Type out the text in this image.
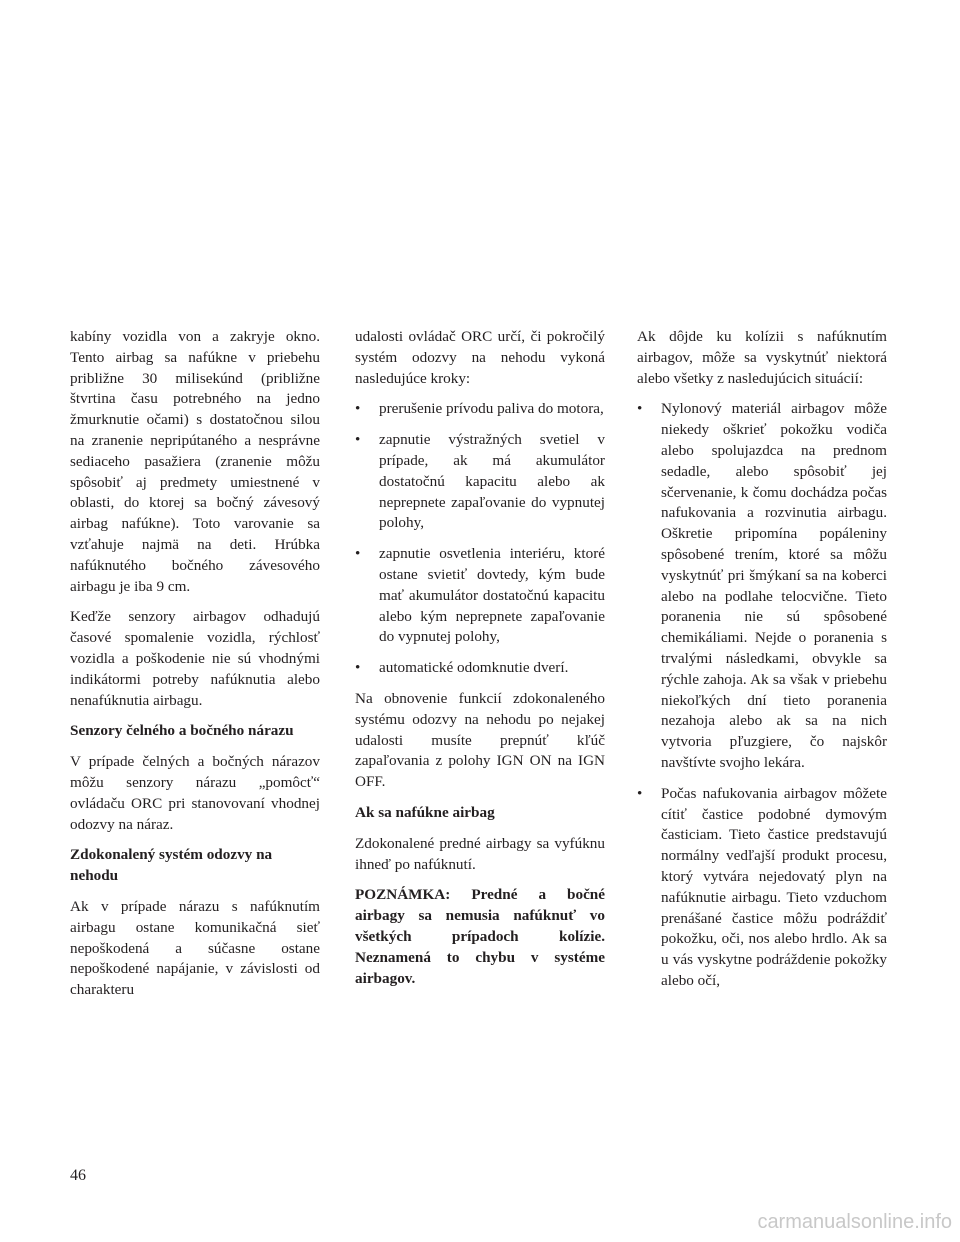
kabíny vozidla von a zakryje okno. Tento airbag sa nafúkne v priebehu približne 30 milisekúnd (približne štvrtina času potrebného na jedno žmurknutie očami) s dostatočnou silou na zranenie nepripútaného a nesprávne sediaceho pasažiera (zranenie môžu spôsobiť aj predmety umiestnené v oblasti, do ktorej sa bočný závesový airbag nafúkne). Toto varovanie sa vzťahuje najmä na deti. Hrúbka nafúknutého bočného závesového airbagu je iba 9 cm.

Keďže senzory airbagov odhadujú časové spomalenie vozidla, rýchlosť vozidla a poškodenie nie sú vhodnými indikátormi potreby nafúknutia alebo nenafúknutia airbagu.

Senzory čelného a bočného nárazu

V prípade čelných a bočných nárazov môžu senzory nárazu „pomôcť“ ovládaču ORC pri stanovovaní vhodnej odozvy na náraz.

Zdokonalený systém odozvy na nehodu

Ak v prípade nárazu s nafúknutím airbagu ostane komunikačná sieť nepoškodená a súčasne ostane nepoškodené napájanie, v závislosti od charakteru

udalosti ovládač ORC určí, či pokročilý systém odozvy na nehodu vykoná nasledujúce kroky:

• prerušenie prívodu paliva do motora,
• zapnutie výstražných svetiel v prípade, ak má akumulátor dostatočnú kapacitu alebo ak neprepnete zapaľovanie do vypnutej polohy,
• zapnutie osvetlenia interiéru, ktoré ostane svietiť dovtedy, kým bude mať akumulátor dostatočnú kapacitu alebo kým neprepnete zapaľovanie do vypnutej polohy,
• automatické odomknutie dverí.

Na obnovenie funkcií zdokonaleného systému odozvy na nehodu po nejakej udalosti musíte prepnúť kľúč zapaľovania z polohy IGN ON na IGN OFF.

Ak sa nafúkne airbag

Zdokonalené predné airbagy sa vyfúknu ihneď po nafúknutí.

POZNÁMKA: Predné a bočné airbagy sa nemusia nafúknuť vo všetkých prípadoch kolízie. Neznamená to chybu v systéme airbagov.

Ak dôjde ku kolízii s nafúknutím airbagov, môže sa vyskytnúť niektorá alebo všetky z nasledujúcich situácií:

• Nylonový materiál airbagov môže niekedy oškrieť pokožku vodiča alebo spolujazdca na prednom sedadle, alebo spôsobiť jej sčervenanie, k čomu dochádza počas nafukovania a rozvinutia airbagu. Oškretie pripomína popáleniny spôsobené trením, ktoré sa môžu vyskytnúť pri šmýkaní sa na koberci alebo na podlahe telocvične. Tieto poranenia nie sú spôsobené chemikáliami. Nejde o poranenia s trvalými následkami, obvykle sa rýchle zahoja. Ak sa však v priebehu niekoľkých dní tieto poranenia nezahoja alebo ak sa na nich vytvoria pľuzgiere, čo najskôr navštívte svojho lekára.
• Počas nafukovania airbagov môžete cítiť častice podobné dymovým časticiam. Tieto častice predstavujú normálny vedľajší produkt procesu, ktorý vytvára nejedovatý plyn na nafúknutie airbagu. Tieto vzduchom prenášané častice môžu podráždiť pokožku, oči, nos alebo hrdlo. Ak sa u vás vyskytne podráždenie pokožky alebo očí,
46
carmanualsonline.info
